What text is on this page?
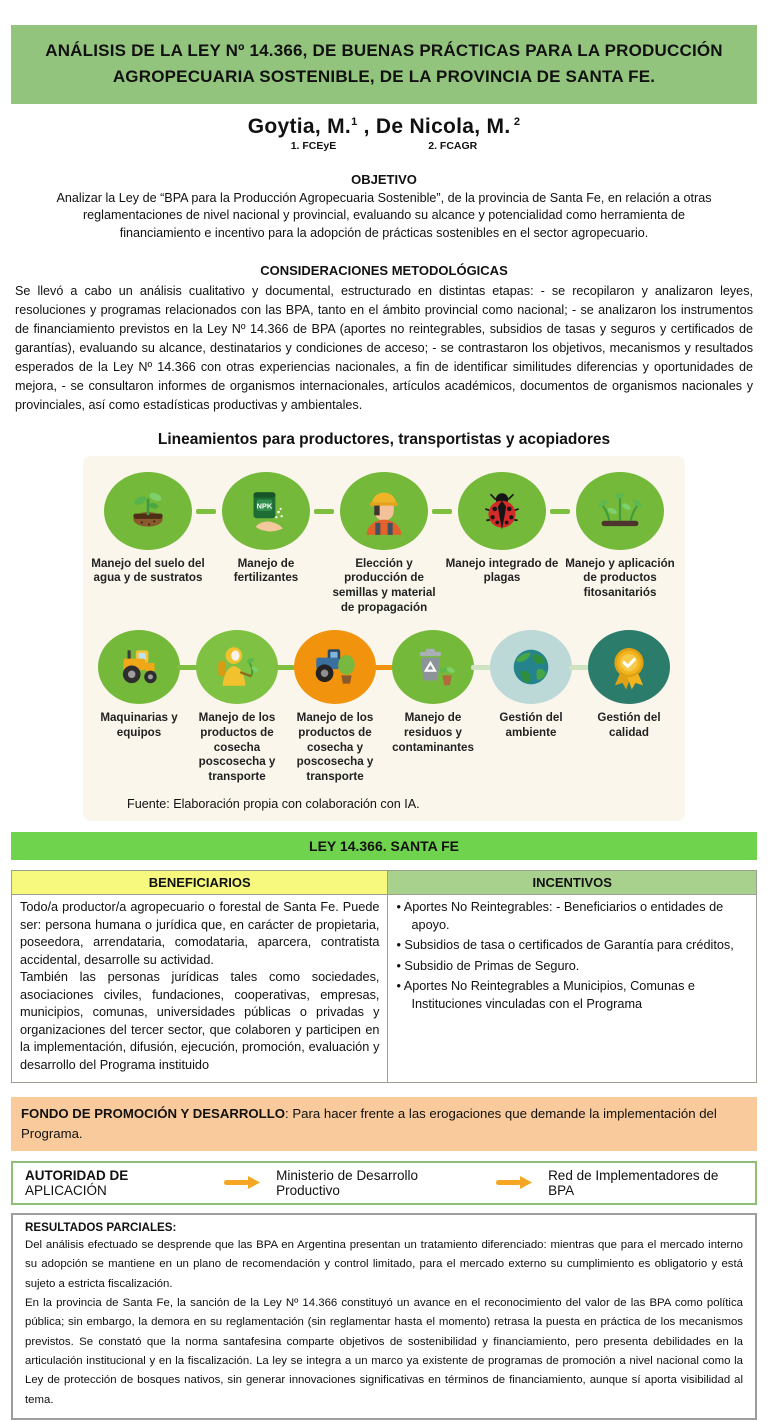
ANÁLISIS DE LA LEY Nº 14.366, DE BUENAS PRÁCTICAS PARA LA PRODUCCIÓN AGROPECUARIA SOSTENIBLE, DE LA PROVINCIA DE SANTA FE.
Goytia, M.$^1$ , De Nicola, M. $^2$
1. FCEyE	2. FCAGR
OBJETIVO
Analizar la Ley de “BPA para la Producción Agropecuaria Sostenible”, de la provincia de Santa Fe, en relación a otras reglamentaciones de nivel nacional y provincial, evaluando su alcance y potencialidad como herramienta de financiamiento e incentivo para la adopción de prácticas sostenibles en el sector agropecuario.
CONSIDERACIONES METODOLÓGICAS
Se llevó a cabo un análisis cualitativo y documental, estructurado en distintas etapas: - se recopilaron y analizaron leyes, resoluciones y programas relacionados con las BPA, tanto en el ámbito provincial como nacional; - se analizaron los instrumentos de financiamiento previstos en la Ley Nº 14.366 de BPA (aportes no reintegrables, subsidios de tasas y seguros y certificados de garantías), evaluando su alcance, destinatarios y condiciones de acceso; - se contrastaron los objetivos, mecanismos y resultados esperados de la Ley Nº 14.366 con otras experiencias nacionales, a fin de identificar similitudes diferencias y oportunidades de mejora, - se consultaron informes de organismos internacionales, artículos académicos, documentos de organismos nacionales y provinciales, así como estadísticas productivas y ambientales.
Lineamientos para productores, transportistas y acopiadores
Manejo del suelo del agua y de sustratos
NPK
Manejo de fertilizantes
Elección y producción de semillas y material de propagación
Manejo integrado de plagas
Manejo y aplicación de productos fitosanitariós
Maquinarias y equipos
Manejo de los productos de cosecha poscosecha y transporte
Manejo de los productos de cosecha y poscosecha y transporte
Manejo de residuos y contaminantes
Gestión del ambiente
Gestión del calidad
Fuente: Elaboración propia con colaboración con IA.
LEY 14.366. SANTA FE
BENEFICIARIOS	INCENTIVOS
Todo/a productor/a agropecuario o forestal de Santa Fe. Puede ser: persona humana o jurídica que, en carácter de propietaria, poseedora, arrendataria, comodataria, aparcera, contratista accidental, desarrolle su actividad.
También las personas jurídicas tales como sociedades, asociaciones civiles, fundaciones, cooperativas, empresas, municipios, comunas, universidades públicas o privadas y organizaciones del tercer sector, que colaboren y participen en la implementación, difusión, ejecución, promoción, evaluación y desarrollo del Programa instituido
• Aportes No Reintegrables: - Beneficiarios o entidades de apoyo.
• Subsidios de tasa o certificados de Garantía para créditos,
• Subsidio de Primas de Seguro.
• Aportes No Reintegrables a Municipios, Comunas e Instituciones vinculadas con el Programa
FONDO DE PROMOCIÓN Y DESARROLLO: Para hacer frente a las erogaciones que demande la implementación del Programa.
AUTORIDAD DE APLICACIÓN
Ministerio de Desarrollo Productivo
Red de Implementadores de BPA
RESULTADOS PARCIALES:
Del análisis efectuado se desprende que las BPA en Argentina presentan un tratamiento diferenciado: mientras que para el mercado interno su adopción se mantiene en un plano de recomendación y control limitado, para el mercado externo su cumplimiento es obligatorio y está sujeto a estricta fiscalización.
En la provincia de Santa Fe, la sanción de la Ley Nº 14.366 constituyó un avance en el reconocimiento del valor de las BPA como política pública; sin embargo, la demora en su reglamentación (sin reglamentar hasta el momento) retrasa la puesta en práctica de los mecanismos previstos. Se constató que la norma santafesina comparte objetivos de sostenibilidad y financiamiento, pero presenta debilidades en la articulación institucional y en la fiscalización. La ley se integra a un marco ya existente de programas de promoción a nivel nacional como la Ley de protección de bosques nativos, sin generar innovaciones significativas en términos de financiamiento, aunque sí aporta visibilidad al tema.
